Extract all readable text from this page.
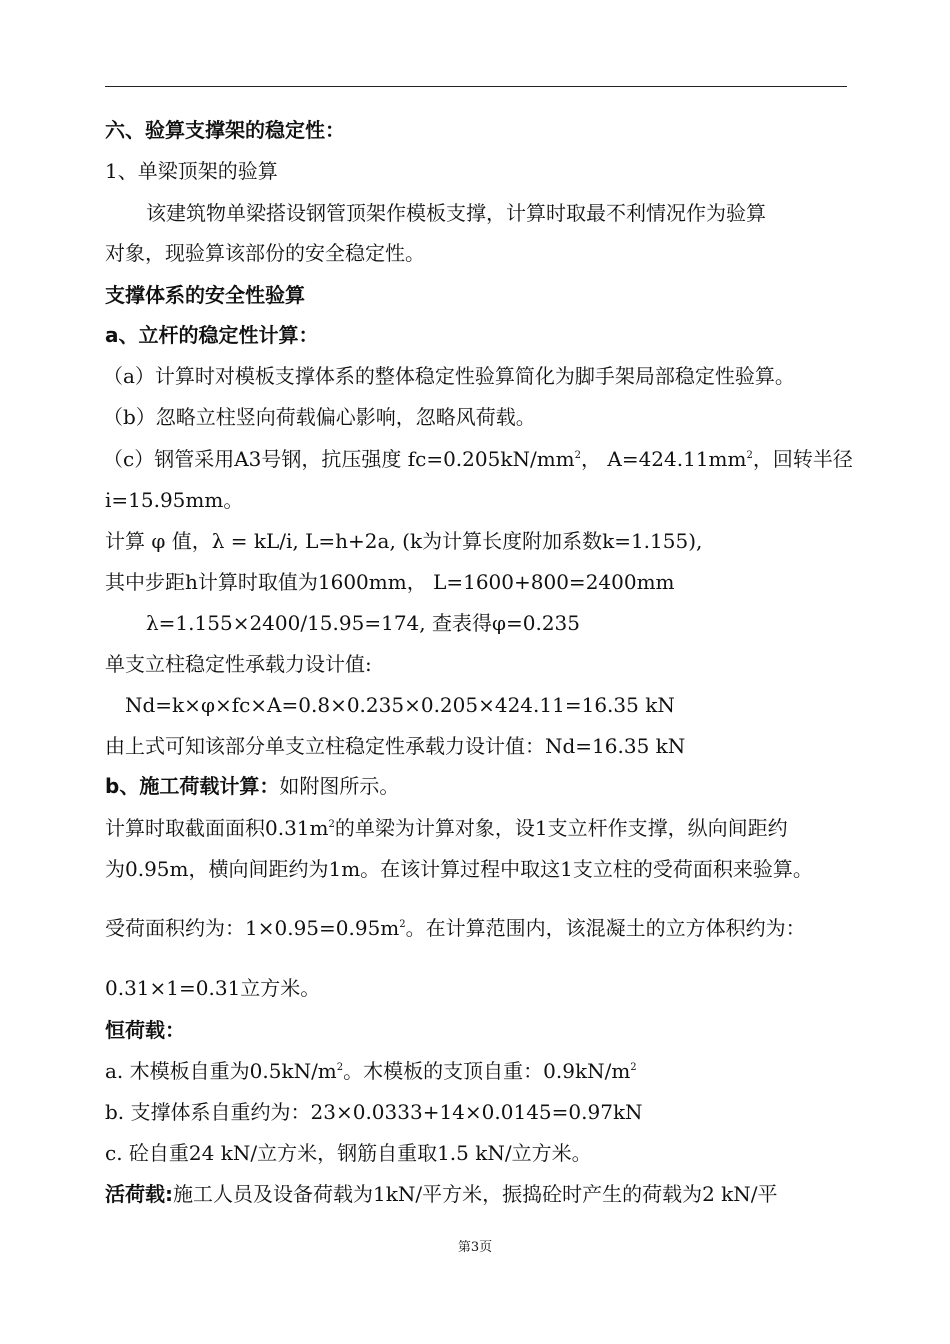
六、验算支撑架的稳定性：
1、单梁顶架的验算
该建筑物单梁搭设钢管顶架作模板支撑，计算时取最不利情况作为验算
对象，现验算该部份的安全稳定性。
支撑体系的安全性验算
a、立杆的稳定性计算：
（a）计算时对模板支撑体系的整体稳定性验算简化为脚手架局部稳定性验算。
（b）忽略立柱竖向荷载偏心影响，忽略风荷载。
（c）钢管采用A3号钢，抗压强度 $fc=0.205kN/mm^2$， $A=424.11mm^2$，回转半径
i=15.95mm。
计算 φ 值，λ = kL/i, L=h+2a, (k为计算长度附加系数k=1.155),
其中步距h计算时取值为1600mm， L=1600+800=2400mm
λ=1.155×2400/15.95=174, 查表得φ=0.235
单支立柱稳定性承载力设计值:
Nd=k×φ×fc×A=0.8×0.235×0.205×424.11=16.35 kN
由上式可知该部分单支立柱稳定性承载力设计值：Nd=16.35 kN
b、施工荷载计算：如附图所示。
计算时取截面面积$0.31m^2$的单梁为计算对象，设1支立杆作支撑，纵向间距约
为0.95m，横向间距约为1m。在该计算过程中取这1支立柱的受荷面积来验算。
受荷面积约为：$1\times 0.95=0.95m^2$。在计算范围内，该混凝土的立方体积约为：
0.31×1=0.31立方米。
恒荷载：
a. 木模板自重为$0.5kN/m^2$。木模板的支顶自重：$0.9kN/m^2$
b. 支撑体系自重约为：23×0.0333+14×0.0145=0.97kN
c. 砼自重24 kN/立方米，钢筋自重取1.5 kN/立方米。
活荷载:施工人员及设备荷载为1kN/平方米，振捣砼时产生的荷载为2 kN/平
第3页
